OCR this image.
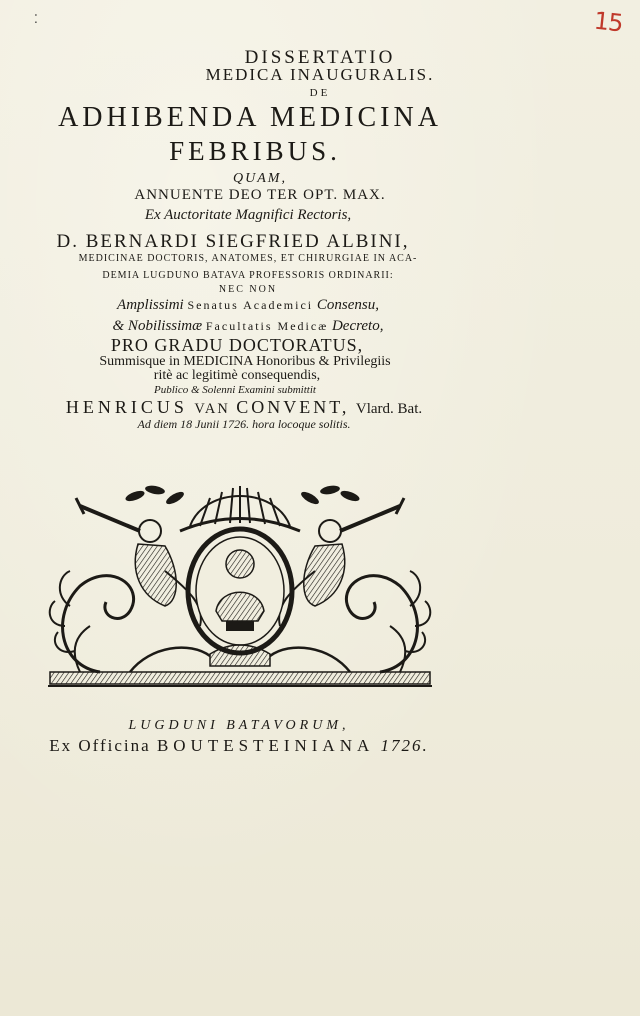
⁚	15
DISSERTATIO
MEDICA INAUGURALIS.
DE
ADHIBENDA MEDICINA
FEBRIBUS.
QUAM,
ANNUENTE DEO TER OPT. MAX.
Ex Auctoritate Magnifici Rectoris,
D. BERNARDI SIEGFRIED ALBINI,
MEDICINAE DOCTORIS, ANATOMES, ET CHIRURGIAE IN ACA-
DEMIA LUGDUNO BATAVA PROFESSORIS ORDINARII:
NEC NON
Amplissimi Senatus Academici Consensu,
& Nobilissimæ Facultatis Medicæ Decreto,
PRO GRADU DOCTORATUS,
Summisque in MEDICINA Honoribus & Privilegiis
ritè ac legitimè consequendis,
Publico & Solenni Examini submittit
HENRICUS VAN CONVENT, Vlard. Bat.
Ad diem 18 Junii 1726. hora locoque solitis.
LUGDUNI BATAVORUM,
Ex Officina BOUTESTEINIANA 1726.
